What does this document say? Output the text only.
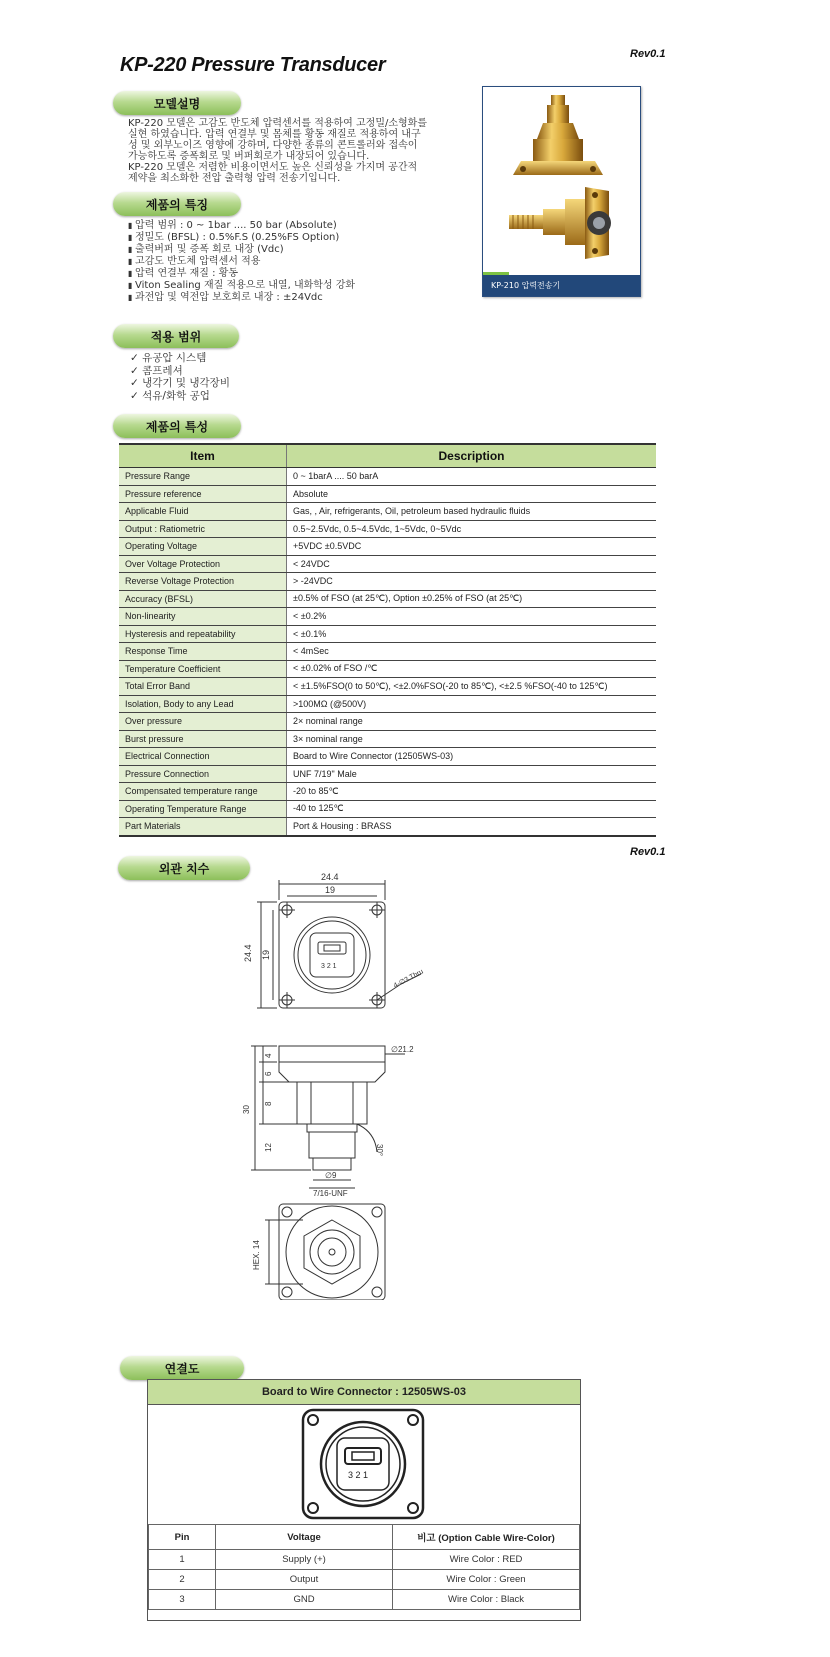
KP-220 Pressure Transducer	Rev0.1
모델설명
KP-220 모델은 고감도 반도체 압력센서를 적용하여 고정밀/소형화를
실현 하였습니다. 압력 연결부 및 몸체를 황동 재질로 적용하여 내구
성 및 외부노이즈 영향에 강하며, 다양한 종류의 콘트롤러와 접속이
가능하도록 증폭회로 및 버퍼회로가 내장되어 있습니다.
KP-220 모델은 저렴한 비용이면서도 높은 신뢰성을 가지며 공간적
제약을 최소화한 전압 출력형 압력 전송기입니다.
KP-210 압력전송기
제품의 특징
▮ 압력 범위 : 0 ~ 1bar .... 50 bar (Absolute)
▮ 정밀도 (BFSL) : 0.5%F.S (0.25%FS Option)
▮ 출력버퍼 및 증폭 회로 내장 (Vdc)
▮ 고감도 반도체 압력센서 적용
▮ 압력 연결부 재질 : 황동
▮ Viton Sealing 재질 적용으로 내열, 내화학성 강화
▮ 과전압 및 역전압 보호회로 내장 : ±24Vdc
적용 범위
✓ 유공압 시스템
✓ 콤프레셔
✓ 냉각기 및 냉각장비
✓ 석유/화학 공업
제품의 특성
Item	Description
Pressure Range	0 ~ 1barA .... 50 barA
Pressure reference	Absolute
Applicable Fluid	Gas, , Air, refrigerants, Oil, petroleum based hydraulic fluids
Output : Ratiometric	0.5~2.5Vdc, 0.5~4.5Vdc, 1~5Vdc, 0~5Vdc
Operating Voltage	+5VDC ±0.5VDC
Over Voltage Protection	< 24VDC
Reverse Voltage Protection	> -24VDC
Accuracy (BFSL)	±0.5% of FSO (at 25℃), Option ±0.25% of FSO (at 25℃)
Non-linearity	< ±0.2%
Hysteresis and repeatability	< ±0.1%
Response Time	< 4mSec
Temperature Coefficient	< ±0.02% of FSO /℃
Total Error Band	< ±1.5%FSO(0 to 50℃), <±2.0%FSO(-20 to 85℃), <±2.5 %FSO(-40 to 125℃)
Isolation, Body to any Lead	>100MΩ (@500V)
Over pressure	2× nominal range
Burst pressure	3× nominal range
Electrical Connection	Board to Wire Connector (12505WS-03)
Pressure Connection	UNF 7/19" Male
Compensated temperature range	-20 to 85℃
Operating Temperature Range	-40 to 125℃
Part Materials	Port & Housing : BRASS
Rev0.1
외관 치수
24.4
19
3 2 1
4-∅3 Thru
24.4 19
4
6
30
8
12
∅21.2
∅9
7/16-UNF
30°
HEX. 14
연결도
Board to Wire Connector : 12505WS-03
3 2 1
Pin	Voltage	비고 (Option Cable Wire-Color)
1	Supply (+)	Wire Color : RED
2	Output	Wire Color : Green
3	GND	Wire Color : Black
